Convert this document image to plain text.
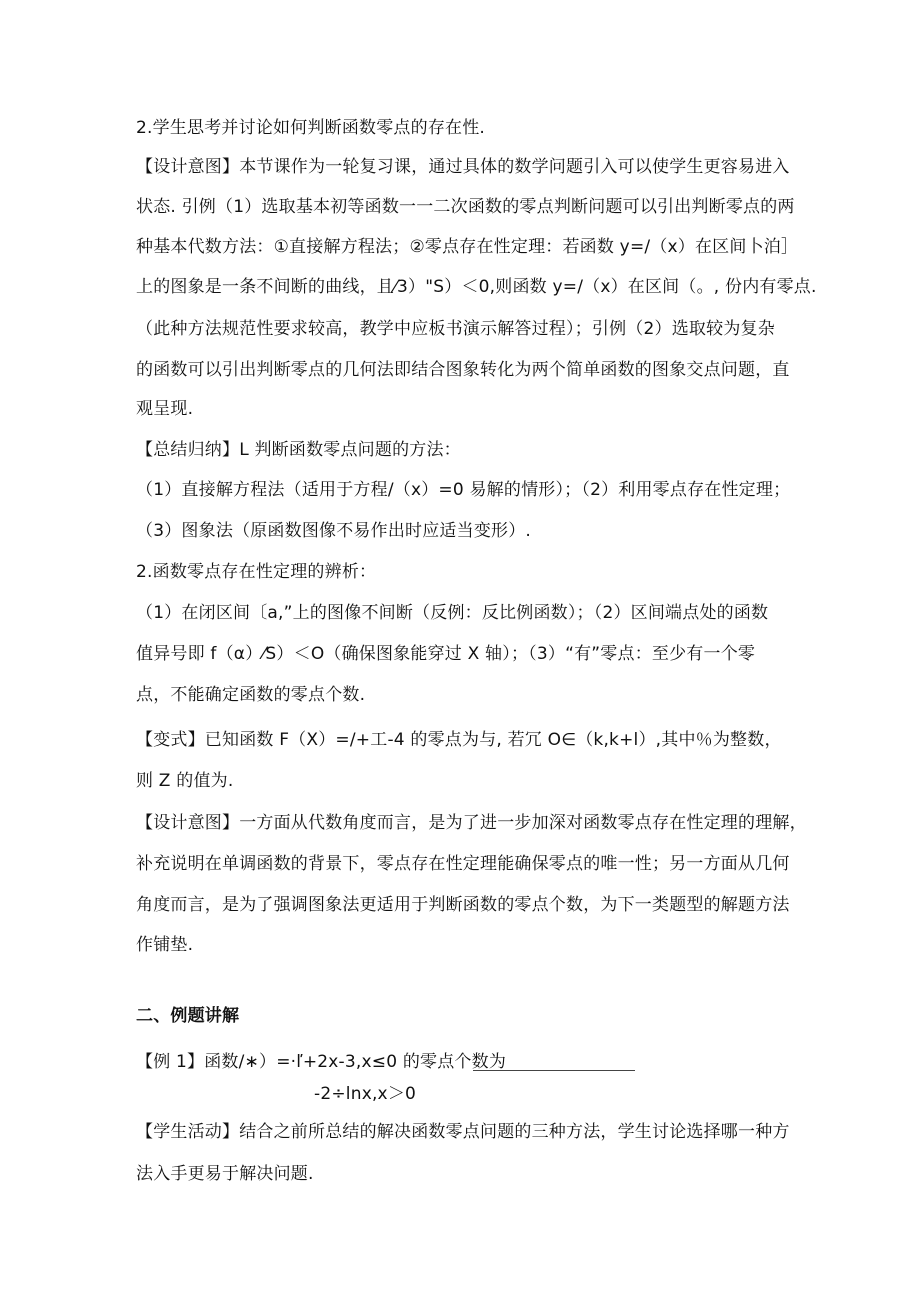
2.学生思考并讨论如何判断函数零点的存在性.
【设计意图】本节课作为一轮复习课，通过具体的数学问题引入可以使学生更容易进入
状态. 引例（1）选取基本初等函数一一二次函数的零点判断问题可以引出判断零点的两
种基本代数方法：①直接解方程法；②零点存在性定理：若函数 y=/（x）在区间卜泊］
上的图象是一条不间断的曲线，且⁄3）"S）＜0,则函数 y=/（x）在区间（。, 份内有零点.
（此种方法规范性要求较高，教学中应板书演示解答过程）；引例（2）选取较为复杂
的函数可以引出判断零点的几何法即结合图象转化为两个简单函数的图象交点问题，直
观呈现.
【总结归纳】L 判断函数零点问题的方法：
（1）直接解方程法（适用于方程/（x）=0 易解的情形）；（2）利用零点存在性定理；
（3）图象法（原函数图像不易作出时应适当变形）.
2.函数零点存在性定理的辨析：
（1）在闭区间〔a,”上的图像不间断（反例：反比例函数）；（2）区间端点处的函数
值异号即 f（α）⁄S）＜O（确保图象能穿过 X 轴）；（3）“有”零点：至少有一个零
点，不能确定函数的零点个数.
【变式】已知函数 F（X）=/+工-4 的零点为与, 若冗 O∈（k,k+l）,其中％为整数，
则 Z 的值为.
【设计意图】一方面从代数角度而言，是为了进一步加深对函数零点存在性定理的理解，
补充说明在单调函数的背景下，零点存在性定理能确保零点的唯一性；另一方面从几何
角度而言，是为了强调图象法更适用于判断函数的零点个数，为下一类题型的解题方法
作铺垫.
二、例题讲解
【例 1】函数/∗）=·ľ+2x-3,x≤0 的零点个数为
-2÷lnx,x＞0
【学生活动】结合之前所总结的解决函数零点问题的三种方法，学生讨论选择哪一种方
法入手更易于解决问题.
